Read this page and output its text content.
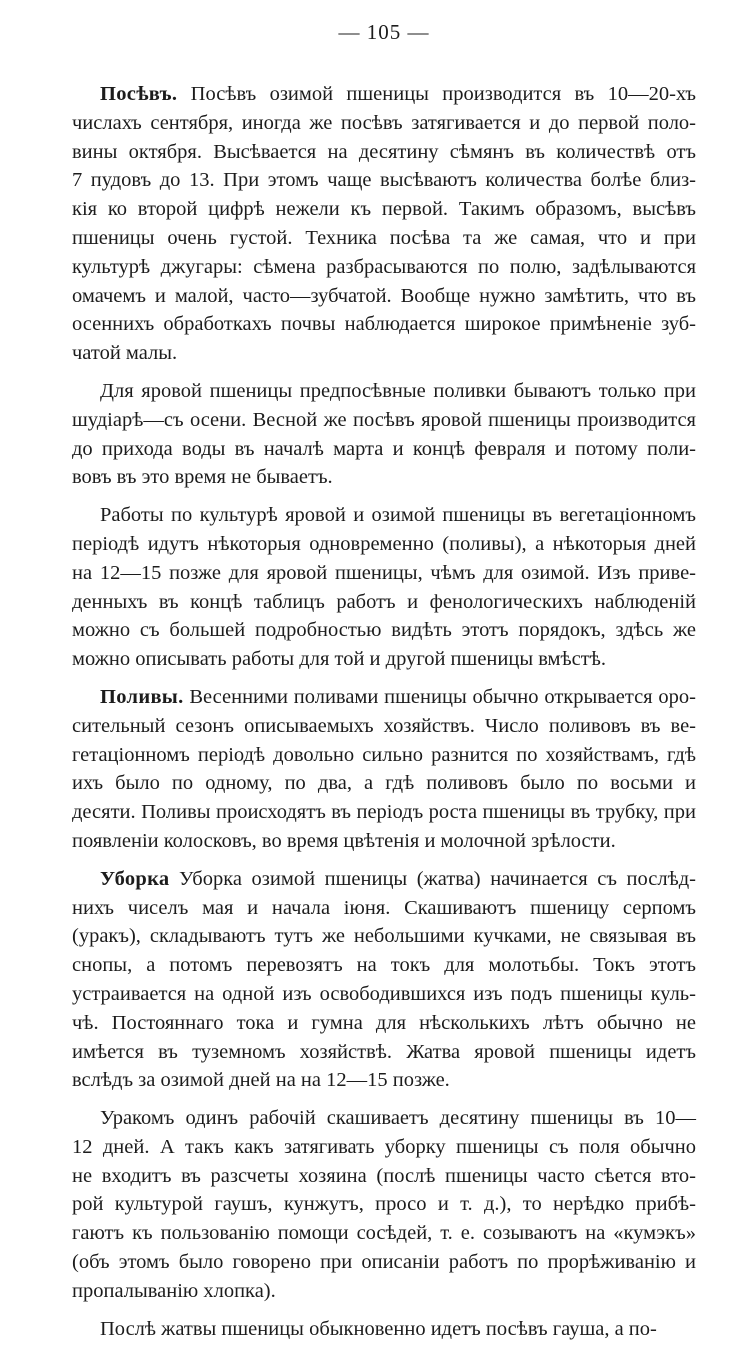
— 105 —
Посѣвъ. Посѣвъ озимой пшеницы производится въ 10—20-хъ
числахъ сентября, иногда же посѣвъ затягивается и до первой поло-
вины октября. Высѣвается на десятину сѣмянъ въ количествѣ отъ
7 пудовъ до 13. При этомъ чаще высѣваютъ количества болѣе близ-
кія ко второй цифрѣ нежели къ первой. Такимъ образомъ, высѣвъ
пшеницы очень густой. Техника посѣва та же самая, что и при
культурѣ джугары: сѣмена разбрасываются по полю, задѣлываются
омачемъ и малой, часто—зубчатой. Вообще нужно замѣтить, что въ
осеннихъ обработкахъ почвы наблюдается широкое примѣненіе зуб-
чатой малы.
Для яровой пшеницы предпосѣвные поливки бываютъ только при
шудіарѣ—съ осени. Весной же посѣвъ яровой пшеницы производится
до прихода воды въ началѣ марта и концѣ февраля и потому поли-
вовъ въ это время не бываетъ.
Работы по культурѣ яровой и озимой пшеницы въ вегетаціонномъ
періодѣ идутъ нѣкоторыя одновременно (поливы), а нѣкоторыя дней
на 12—15 позже для яровой пшеницы, чѣмъ для озимой. Изъ приве-
денныхъ въ концѣ таблицъ работъ и фенологическихъ наблюденій
можно съ большей подробностью видѣть этотъ порядокъ, здѣсь же
можно описывать работы для той и другой пшеницы вмѣстѣ.
Поливы. Весенними поливами пшеницы обычно открывается оро-
сительный сезонъ описываемыхъ хозяйствъ. Число поливовъ въ ве-
гетаціонномъ періодѣ довольно сильно разнится по хозяйствамъ, гдѣ
ихъ было по одному, по два, а гдѣ поливовъ было по восьми и
десяти. Поливы происходятъ въ періодъ роста пшеницы въ трубку, при
появленіи колосковъ, во время цвѣтенія и молочной зрѣлости.
Уборка Уборка озимой пшеницы (жатва) начинается съ послѣд-
нихъ чиселъ мая и начала іюня. Скашиваютъ пшеницу серпомъ
(уракъ), складываютъ тутъ же небольшими кучками, не связывая въ
снопы, а потомъ перевозятъ на токъ для молотьбы. Токъ этотъ
устраивается на одной изъ освободившихся изъ подъ пшеницы куль-
чѣ. Постояннаго тока и гумна для нѣсколькихъ лѣтъ обычно не
имѣется въ туземномъ хозяйствѣ. Жатва яровой пшеницы идетъ
вслѣдъ за озимой дней на на 12—15 позже.
Уракомъ одинъ рабочій скашиваетъ десятину пшеницы въ 10—
12 дней. А такъ какъ затягивать уборку пшеницы съ поля обычно
не входитъ въ разсчеты хозяина (послѣ пшеницы часто сѣется вто-
рой культурой гаушъ, кунжутъ, просо и т. д.), то нерѣдко прибѣ-
гаютъ къ пользованію помощи сосѣдей, т. е. созываютъ на «кумэкъ»
(объ этомъ было говорено при описаніи работъ по прорѣживанію и
пропалыванію хлопка).
Послѣ жатвы пшеницы обыкновенно идетъ посѣвъ гауша, а по-
